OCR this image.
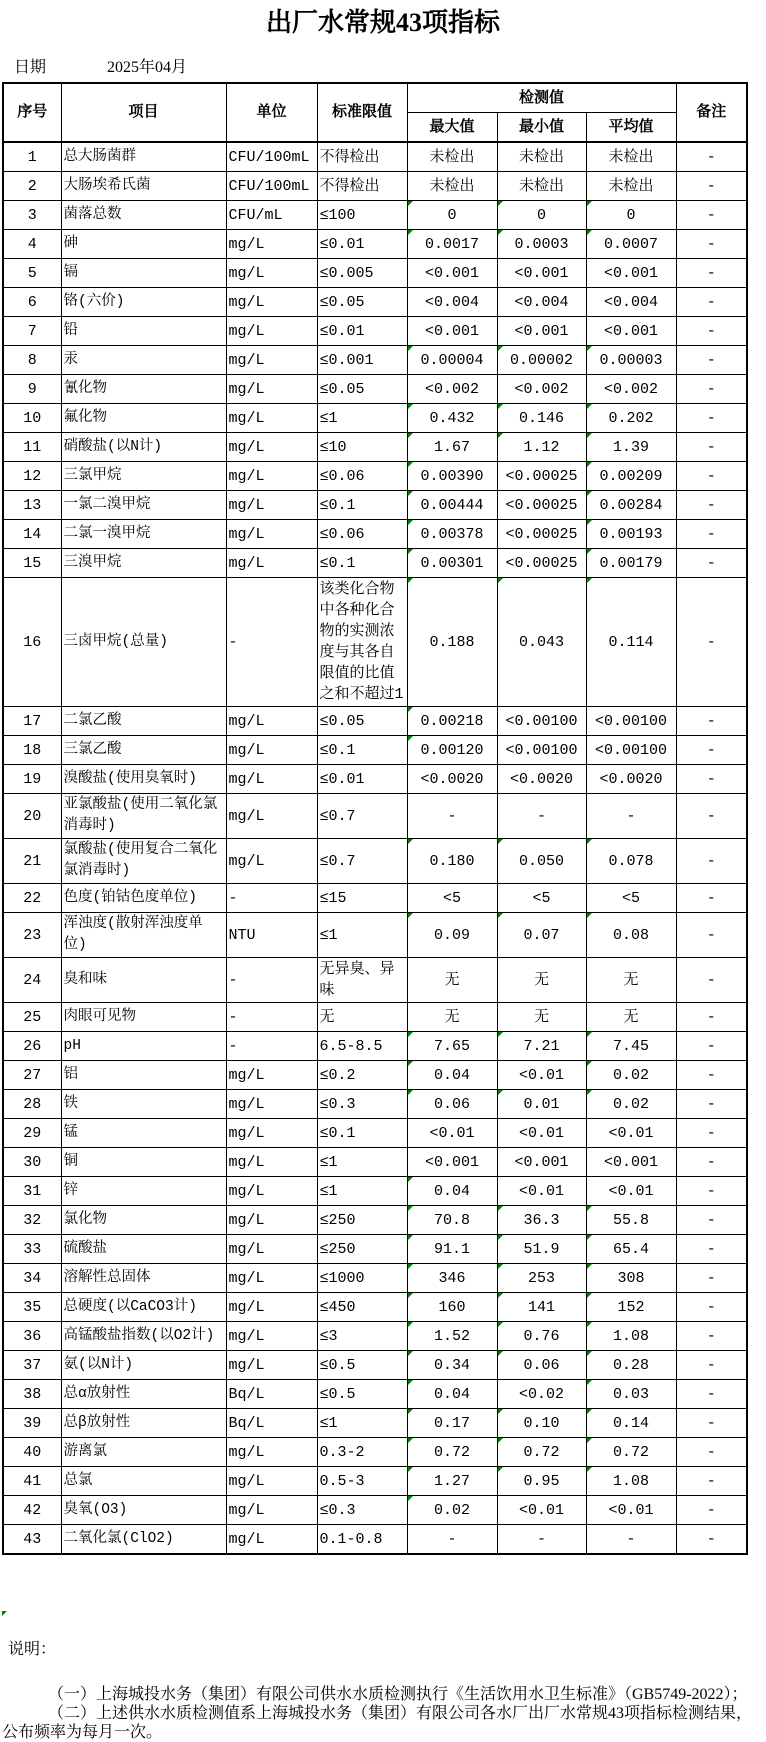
出厂水常规43项指标
日期	2025年04月
序号	项目	单位	标准限值	检测值			备注
				最大值	最小值	平均值	
1	总大肠菌群	CFU/100mL	不得检出	未检出	未检出	未检出	-
2	大肠埃希氏菌	CFU/100mL	不得检出	未检出	未检出	未检出	-
3	菌落总数	CFU/mL	≤100	0	0	0	-
4	砷	mg/L	≤0.01	0.0017	0.0003	0.0007	-
5	镉	mg/L	≤0.005	<0.001	<0.001	<0.001	-
6	铬(六价)	mg/L	≤0.05	<0.004	<0.004	<0.004	-
7	铅	mg/L	≤0.01	<0.001	<0.001	<0.001	-
8	汞	mg/L	≤0.001	0.00004	0.00002	0.00003	-
9	氰化物	mg/L	≤0.05	<0.002	<0.002	<0.002	-
10	氟化物	mg/L	≤1	0.432	0.146	0.202	-
11	硝酸盐(以N计)	mg/L	≤10	1.67	1.12	1.39	-
12	三氯甲烷	mg/L	≤0.06	0.00390	<0.00025	0.00209	-
13	一氯二溴甲烷	mg/L	≤0.1	0.00444	<0.00025	0.00284	-
14	二氯一溴甲烷	mg/L	≤0.06	0.00378	<0.00025	0.00193	-
15	三溴甲烷	mg/L	≤0.1	0.00301	<0.00025	0.00179	-
16	三卤甲烷(总量)	-	该类化合物中各种化合物的实测浓度与其各自限值的比值之和不超过1	0.188	0.043	0.114	-
17	二氯乙酸	mg/L	≤0.05	0.00218	<0.00100	<0.00100	-
18	三氯乙酸	mg/L	≤0.1	0.00120	<0.00100	<0.00100	-
19	溴酸盐(使用臭氧时)	mg/L	≤0.01	<0.0020	<0.0020	<0.0020	-
20	亚氯酸盐(使用二氧化氯消毒时)	mg/L	≤0.7	-	-	-	-
21	氯酸盐(使用复合二氧化氯消毒时)	mg/L	≤0.7	0.180	0.050	0.078	-
22	色度(铂钴色度单位)	-	≤15	<5	<5	<5	-
23	浑浊度(散射浑浊度单位)	NTU	≤1	0.09	0.07	0.08	-
24	臭和味	-	无异臭、异味	无	无	无	-
25	肉眼可见物	-	无	无	无	无	-
26	pH	-	6.5-8.5	7.65	7.21	7.45	-
27	铝	mg/L	≤0.2	0.04	<0.01	0.02	-
28	铁	mg/L	≤0.3	0.06	0.01	0.02	-
29	锰	mg/L	≤0.1	<0.01	<0.01	<0.01	-
30	铜	mg/L	≤1	<0.001	<0.001	<0.001	-
31	锌	mg/L	≤1	0.04	<0.01	<0.01	-
32	氯化物	mg/L	≤250	70.8	36.3	55.8	-
33	硫酸盐	mg/L	≤250	91.1	51.9	65.4	-
34	溶解性总固体	mg/L	≤1000	346	253	308	-
35	总硬度(以CaCO3计)	mg/L	≤450	160	141	152	-
36	高锰酸盐指数(以O2计)	mg/L	≤3	1.52	0.76	1.08	-
37	氨(以N计)	mg/L	≤0.5	0.34	0.06	0.28	-
38	总α放射性	Bq/L	≤0.5	0.04	<0.02	0.03	-
39	总β放射性	Bq/L	≤1	0.17	0.10	0.14	-
40	游离氯	mg/L	0.3-2	0.72	0.72	0.72	-
41	总氯	mg/L	0.5-3	1.27	0.95	1.08	-
42	臭氧(O3)	mg/L	≤0.3	0.02	<0.01	<0.01	-
43	二氧化氯(ClO2)	mg/L	0.1-0.8	-	-	-	-
说明：

（一）上海城投水务（集团）有限公司供水水质检测执行《生活饮用水卫生标准》（GB5749-2022）；

（二）上述供水水质检测值系上海城投水务（集团）有限公司各水厂出厂水常规43项指标检测结果，公布频率为每月一次。
